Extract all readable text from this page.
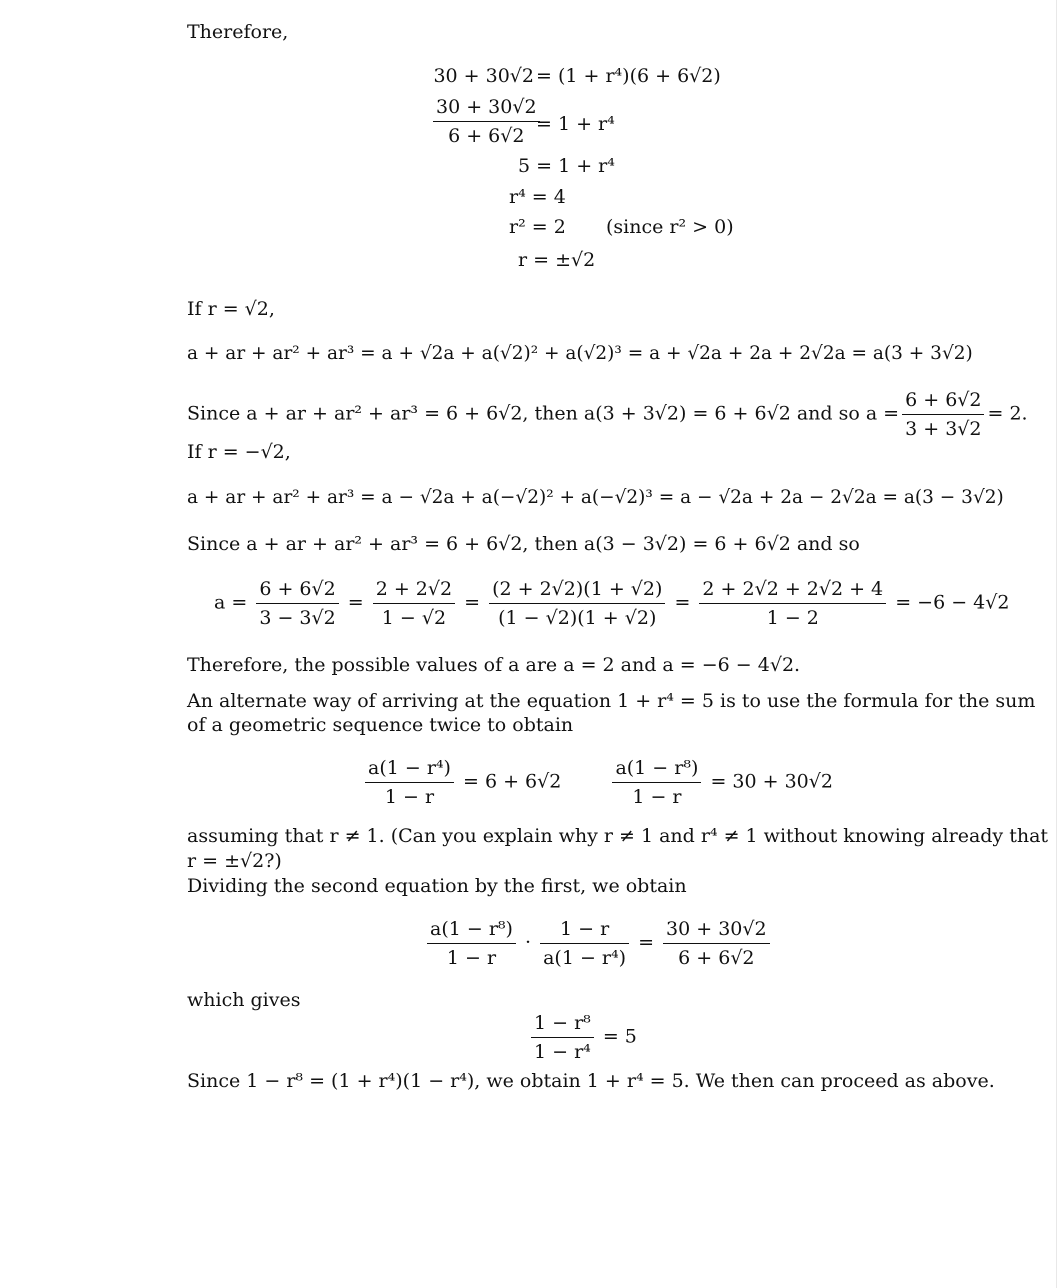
Therefore,
30 + 30√2 = (1 + r⁴)(6 + 6√2)
$\frac{30 + 30√2}{6 + 6√2}$
= 1 + r⁴
5 = 1 + r⁴
r⁴ = 4
r² = 2 (since r² > 0)
r = ±√2
If r = √2,
a + ar + ar² + ar³ = a + √2a + a(√2)² + a(√2)³ = a + √2a + 2a + 2√2a = a(3 + 3√2)
Since a + ar + ar² + ar³ = 6 + 6√2, then a(3 + 3√2) = 6 + 6√2 and so $a = \frac{6 + 6√2}{3 + 3√2} = 2$.
If r = −√2,
a + ar + ar² + ar³ = a − √2a + a(−√2)² + a(−√2)³ = a − √2a + 2a − 2√2a = a(3 − 3√2)
Since a + ar + ar² + ar³ = 6 + 6√2, then a(3 − 3√2) = 6 + 6√2 and so
$a = \frac{6 + 6√2}{3 - 3√2} = \frac{2 + 2√2}{1 - √2} = \frac{(2 + 2√2)(1 + √2)}{(1 - √2)(1 + √2)} = \frac{2 + 2√2 + 2√2 + 4}{1 - 2} = -6 - 4√2$
Therefore, the possible values of a are a = 2 and a = −6 − 4√2.
An alternate way of arriving at the equation 1 + r⁴ = 5 is to use the formula for the sum
of a geometric sequence twice to obtain
$\frac{\text{a(1 − r⁴)}}{1 - r} = 6 + 6√2$	$\frac{\text{a(1 − r⁸)}}{1 - r} = 30 + 30√2$
assuming that r ≠ 1. (Can you explain why r ≠ 1 and r⁴ ≠ 1 without knowing already that
r = ±√2?)
Dividing the second equation by the first, we obtain
$\frac{\text{a(1 − r⁸)}}{1 - r} \cdot \frac{1 - r}{\text{a(1 − r⁴)}} = \frac{30 + 30√2}{6 + 6√2}$
which gives
$\frac{\text{1 − r⁸}}{\text{1 − r⁴}} = 5$
Since 1 − r⁸ = (1 + r⁴)(1 − r⁴), we obtain 1 + r⁴ = 5. We then can proceed as above.
